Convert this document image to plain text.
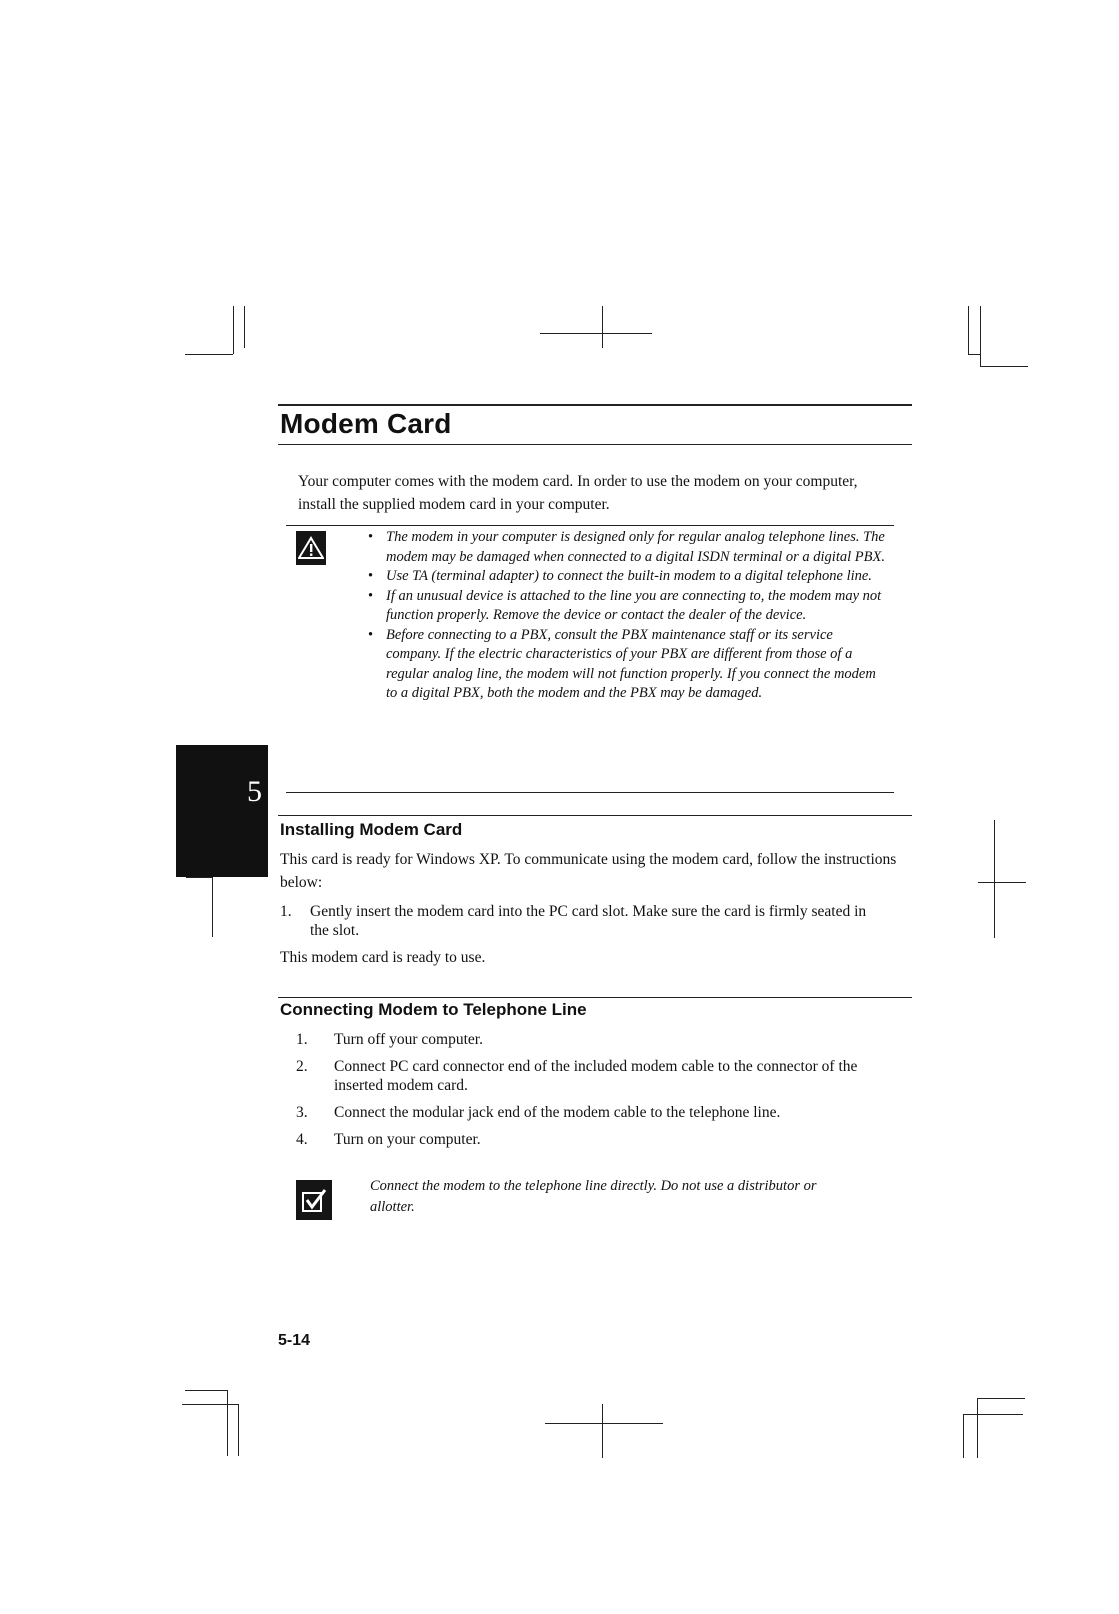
Modem Card
Your computer comes with the modem card. In order to use the modem on your computer, install the supplied modem card in your computer.
• The modem in your computer is designed only for regular analog telephone lines. The modem may be damaged when connected to a digital ISDN terminal or a digital PBX.
• Use TA (terminal adapter) to connect the built-in modem to a digital telephone line.
• If an unusual device is attached to the line you are connecting to, the modem may not function properly. Remove the device or contact the dealer of the device.
• Before connecting to a PBX, consult the PBX maintenance staff or its service company. If the electric characteristics of your PBX are different from those of a regular analog line, the modem will not function properly. If you connect the modem to a digital PBX, both the modem and the PBX may be damaged.
5
Installing Modem Card
This card is ready for Windows XP. To communicate using the modem card, follow the instructions below:
1. Gently insert the modem card into the PC card slot. Make sure the card is firmly seated in the slot.
This modem card is ready to use.
Connecting Modem to Telephone Line
1. Turn off your computer.
2. Connect PC card connector end of the included modem cable to the connector of the inserted modem card.
3. Connect the modular jack end of the modem cable to the telephone line.
4. Turn on your computer.
Connect the modem to the telephone line directly. Do not use a distributor or allotter.
5-14
